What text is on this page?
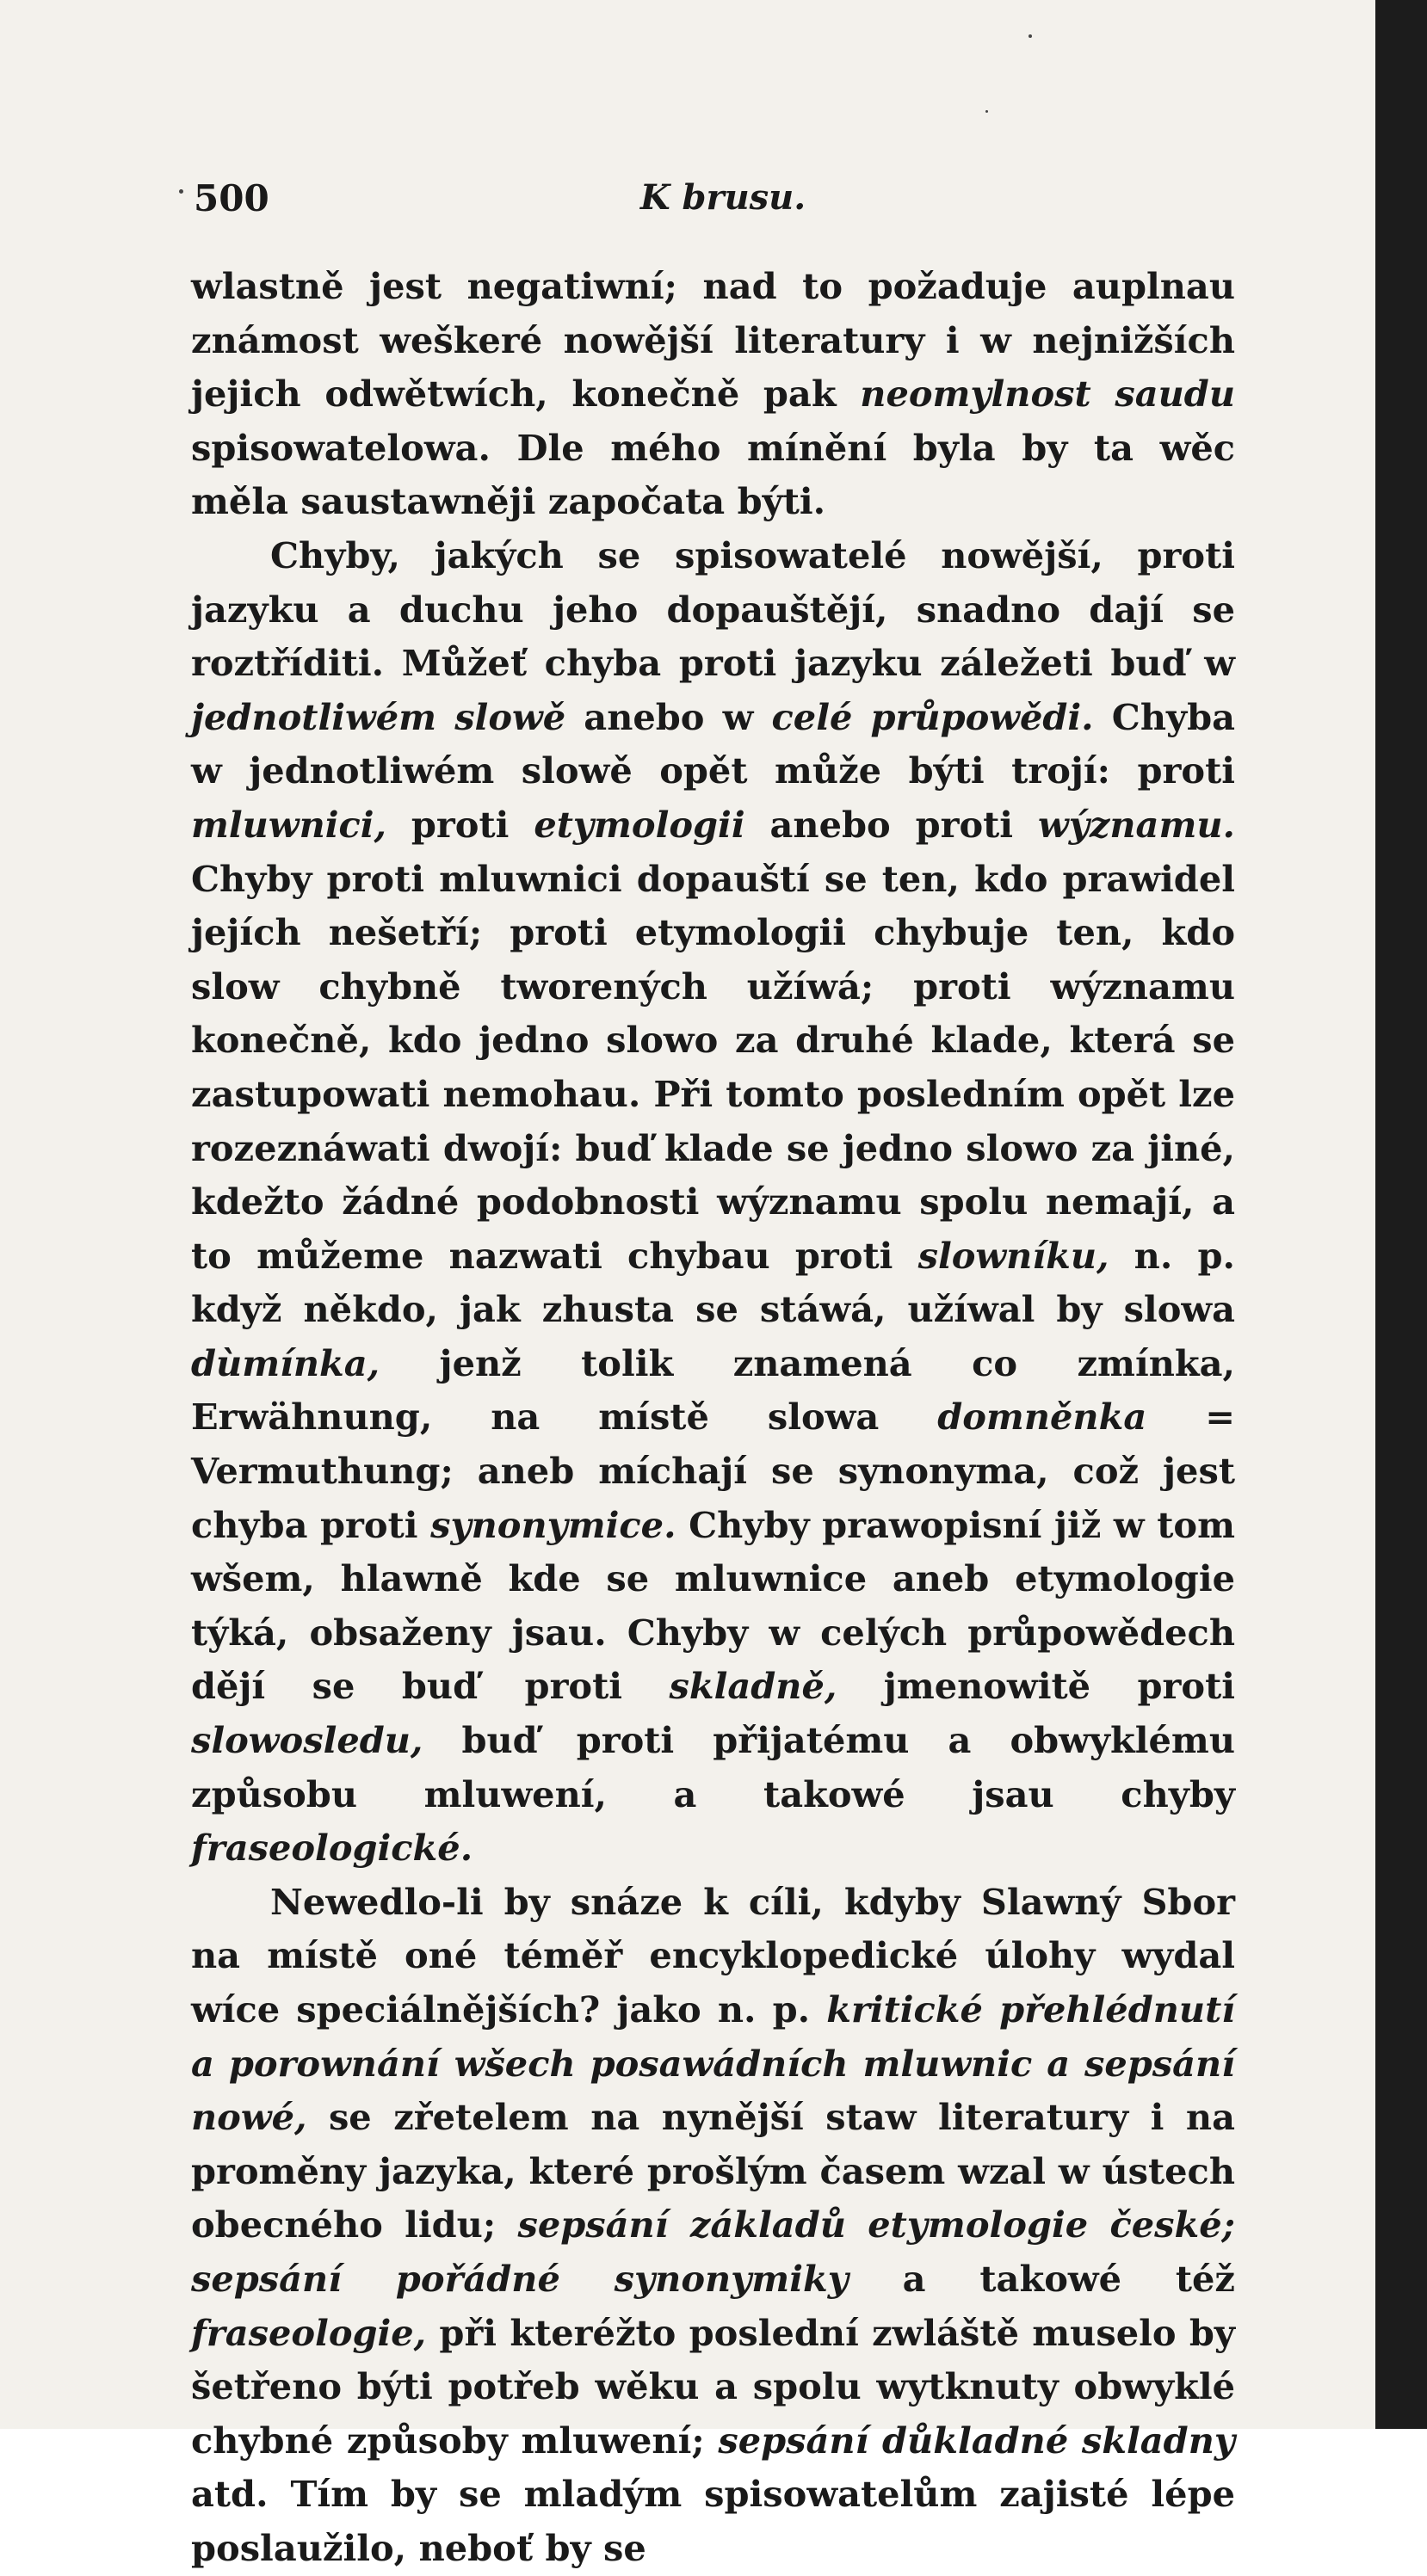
500	K brusu.

wlastně jest negatiwní; nad to požaduje auplnau známost weškeré nowější literatury i w nejnižších jejich odwětwích, konečně pak neomylnost saudu spisowatelowa. Dle mého mínění byla by ta wěc měla saustawněji započata býti.

Chyby, jakých se spisowatelé nowější, proti jazyku a duchu jeho dopauštějí, snadno dají se roztříditi. Můžeť chyba proti jazyku záležeti buď w jednotliwém slowě anebo w celé průpowědi. Chyba w jednotliwém slowě opět může býti trojí: proti mluwnici, proti etymologii anebo proti wýznamu. Chyby proti mluwnici dopauští se ten, kdo prawidel jejích nešetří; proti etymologii chybuje ten, kdo slow chybně tworených užíwá; proti wýznamu konečně, kdo jedno slowo za druhé klade, která se zastupowati nemohau. Při tomto posledním opět lze rozeznáwati dwojí: buď klade se jedno slowo za jiné, kdežto žádné podobnosti wýznamu spolu nemají, a to můžeme nazwati chybau proti slowníku, n. p. když někdo, jak zhusta se stáwá, užíwal by slowa dùmínka, jenž tolik znamená co zmínka, Erwähnung, na místě slowa domněnka = Vermuthung; aneb míchají se synonyma, což jest chyba proti synonymice. Chyby prawopisní již w tom wšem, hlawně kde se mluwnice aneb etymologie týká, obsaženy jsau. Chyby w celých průpowědech dějí se buď proti skladně, jmenowitě proti slowosledu, buď proti přijatému a obwyklému způsobu mluwení, a takowé jsau chyby fraseologické.

Newedlo-li by snáze k cíli, kdyby Slawný Sbor na místě oné téměř encyklopedické úlohy wydal wíce speciálnějších? jako n. p. kritické přehlédnutí a porownání wšech posawádních mluwnic a sepsání nowé, se zřetelem na nynější staw literatury i na proměny jazyka, které prošlým časem wzal w ústech obecného lidu; sepsání základů etymologie české; sepsání pořádné synonymiky a takowé též fraseologie, při kteréžto poslední zwláště muselo by šetřeno býti potřeb wěku a spolu wytknuty obwyklé chybné způsoby mluwení; sepsání důkladné skladny atd. Tím by se mladým spisowatelům zajisté lépe poslaužilo, neboť by se
